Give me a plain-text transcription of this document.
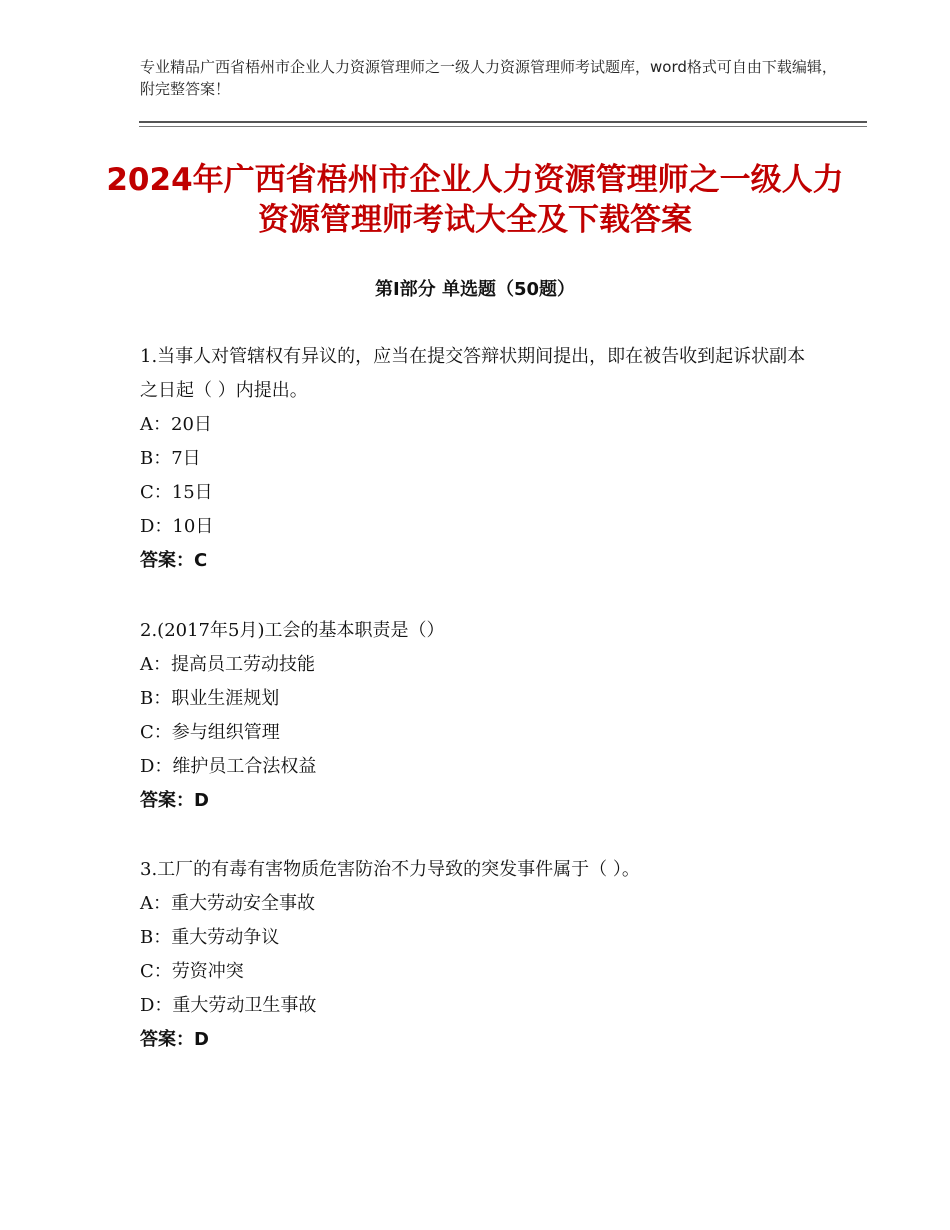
专业精品广西省梧州市企业人力资源管理师之一级人力资源管理师考试题库，word格式可自由下载编辑，附完整答案！
2024年广西省梧州市企业人力资源管理师之一级人力资源管理师考试大全及下载答案
第Ⅰ部分 单选题（50题）

1.当事人对管辖权有异议的，应当在提交答辩状期间提出，即在被告收到起诉状副本之日起（ ）内提出。

A：20日

B：7日

C：15日

D：10日

答案：C

2.(2017年5月)工会的基本职责是（）

A：提高员工劳动技能

B：职业生涯规划

C：参与组织管理

D：维护员工合法权益

答案：D

3.工厂的有毒有害物质危害防治不力导致的突发事件属于（ ）。

A：重大劳动安全事故

B：重大劳动争议

C：劳资冲突

D：重大劳动卫生事故

答案：D
